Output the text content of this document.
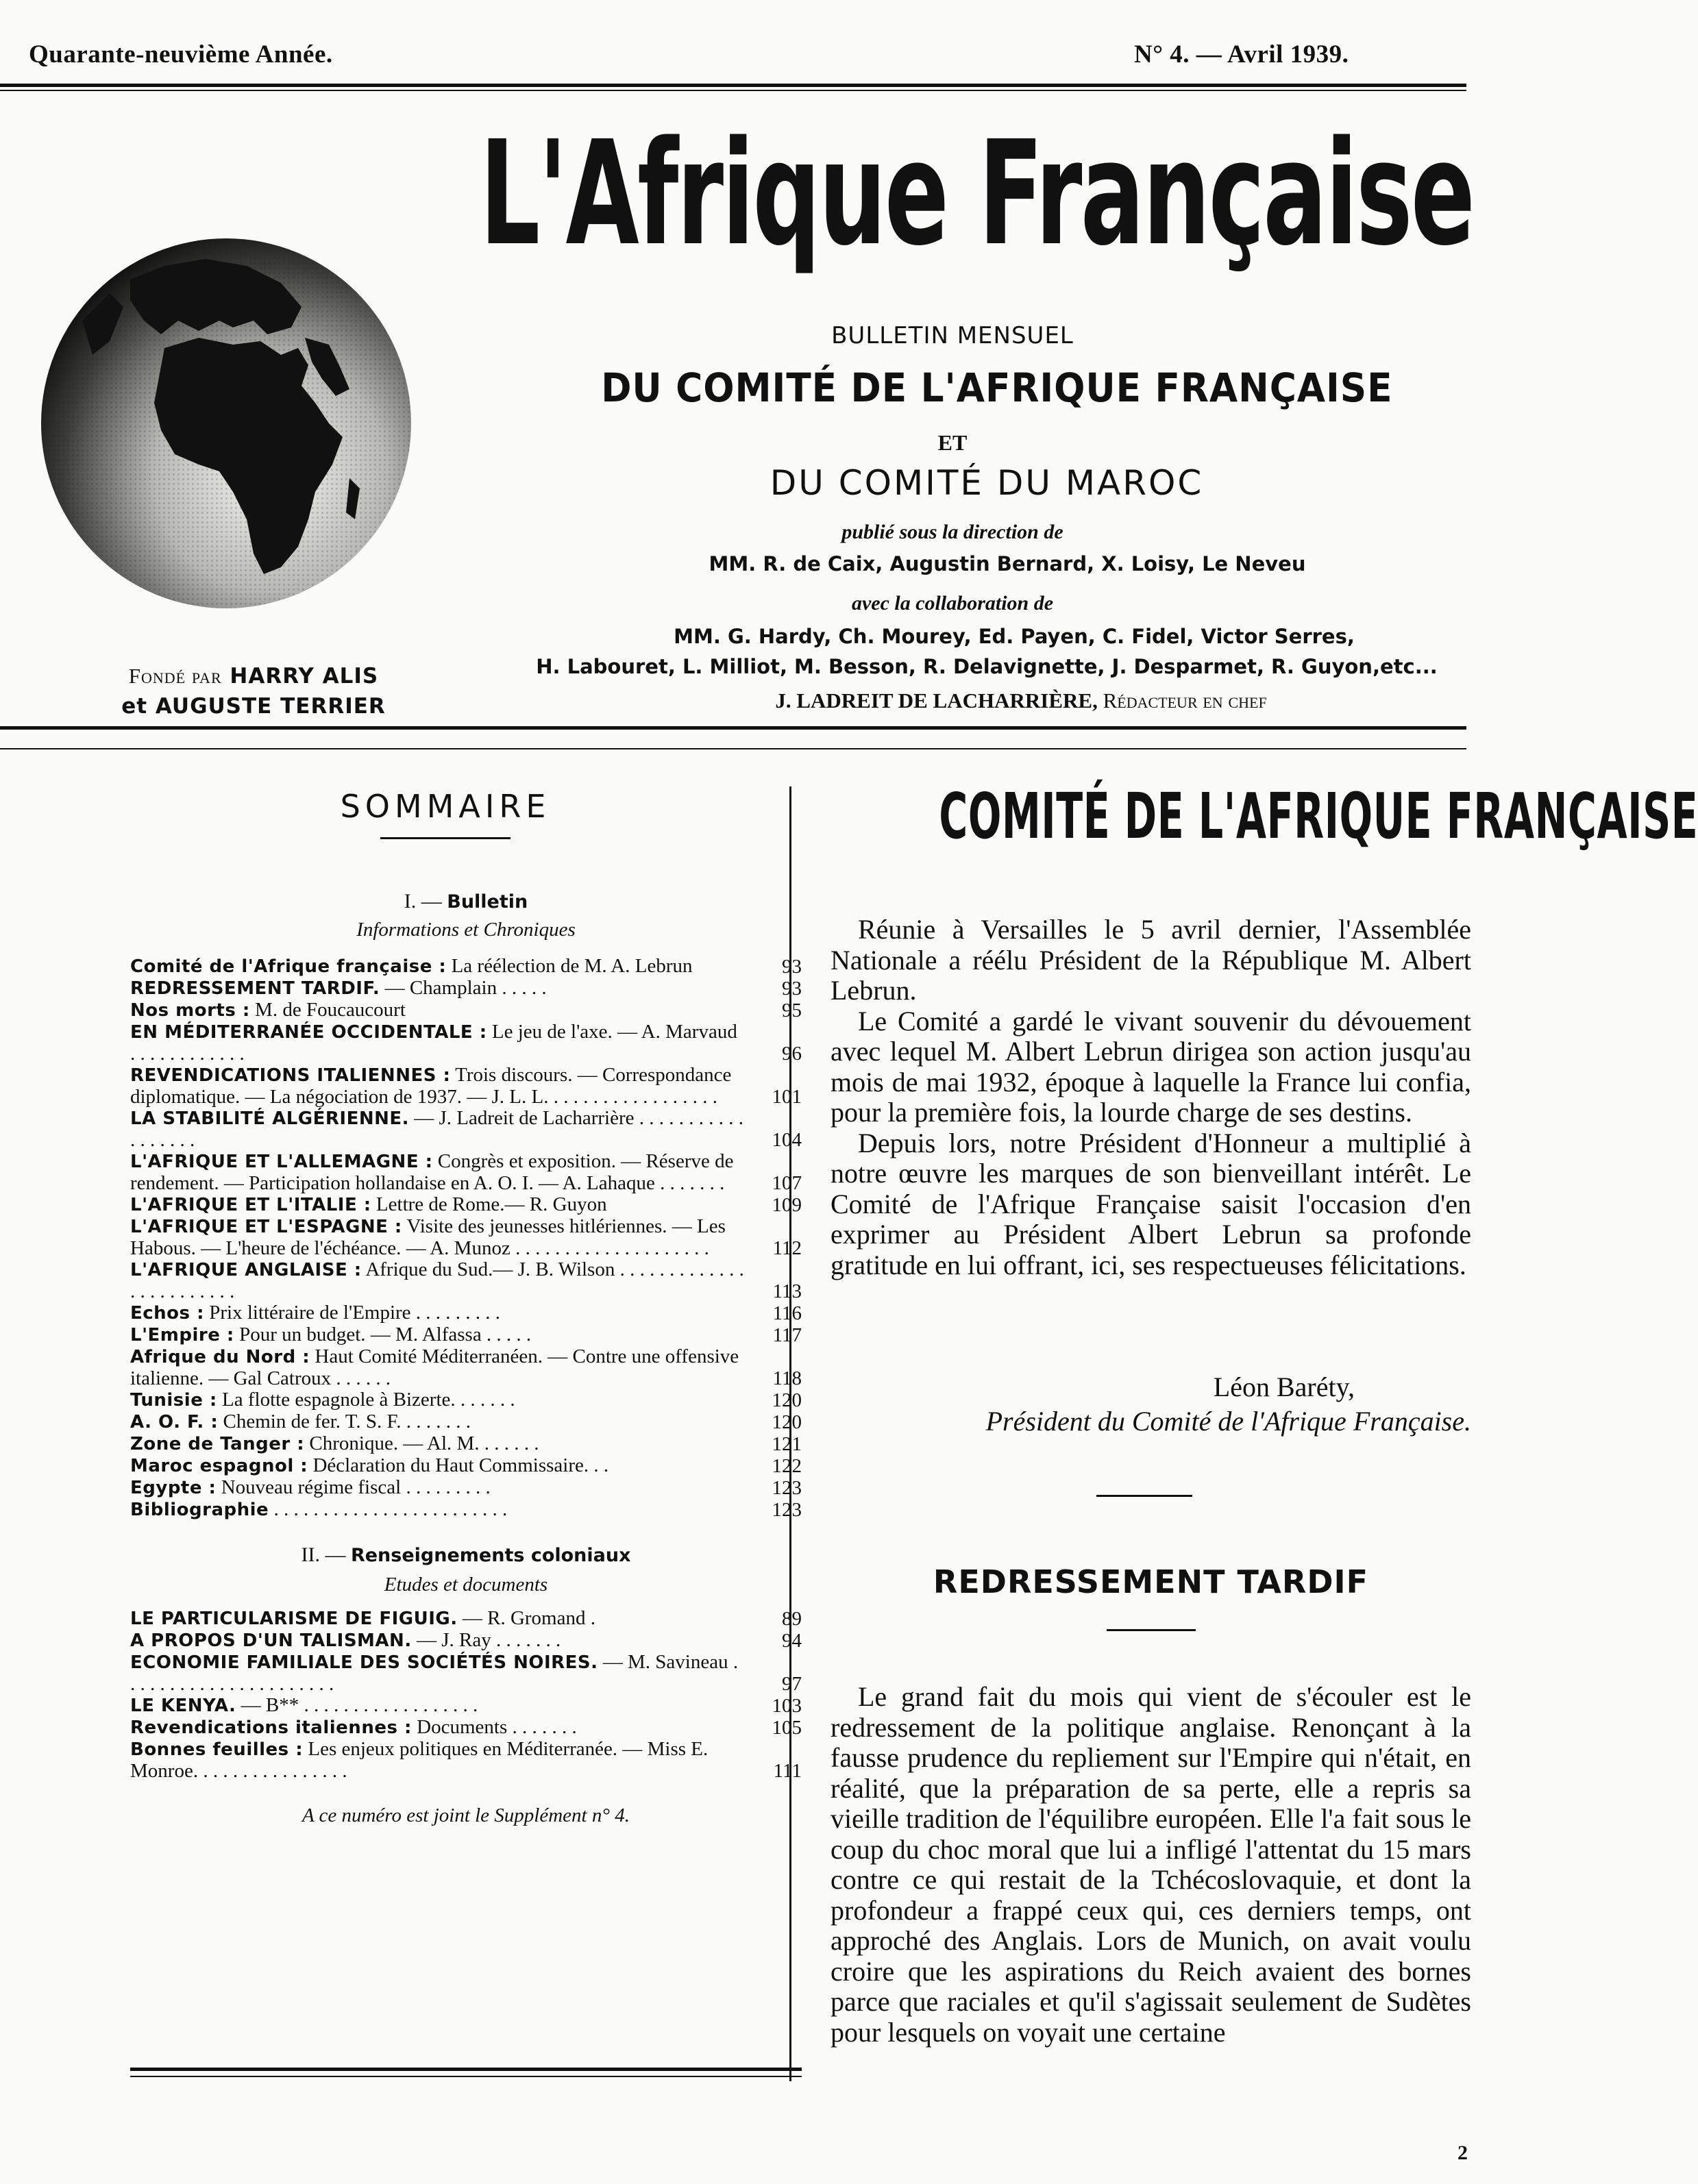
Quarante-neuvième Année.	N° 4. — Avril 1939.
L'Afrique Française
BULLETIN MENSUEL
DU COMITÉ DE L'AFRIQUE FRANÇAISE
ET
DU COMITÉ DU MAROC
publié sous la direction de
MM. R. de Caix, Augustin Bernard, X. Loisy, Le Neveu
avec la collaboration de
MM. G. Hardy, Ch. Mourey, Ed. Payen, C. Fidel, Victor Serres,
H. Labouret, L. Milliot, M. Besson, R. Delavignette, J. Desparmet, R. Guyon,etc...
J. LADREIT DE LACHARRIÈRE, Rédacteur en chef
Fondé par HARRY ALIS
et AUGUSTE TERRIER
SOMMAIRE
I. — Bulletin
Informations et Chroniques
Comité de l'Afrique française : La réélection de M. A. Lebrun	93
REDRESSEMENT TARDIF. — Champlain . . . . .	93
Nos morts : M. de Foucaucourt	95
EN MÉDITERRANÉE OCCIDENTALE : Le jeu de l'axe. — A. Marvaud . . . . . . . . . . . .	96
REVENDICATIONS ITALIENNES : Trois discours. — Correspondance diplomatique. — La négociation de 1937. — J. L. L. . . . . . . . . . . . . . . . . .	101
LA STABILITÉ ALGÉRIENNE. — J. Ladreit de Lacharrière . . . . . . . . . . . . . . . . . .	104
L'AFRIQUE ET L'ALLEMAGNE : Congrès et exposition. — Réserve de rendement. — Participation hollandaise en A. O. I. — A. Lahaque . . . . . . .	107
L'AFRIQUE ET L'ITALIE : Lettre de Rome.— R. Guyon	109
L'AFRIQUE ET L'ESPAGNE : Visite des jeunesses hitlériennes. — Les Habous. — L'heure de l'échéance. — A. Munoz . . . . . . . . . . . . . . . . . . . .	112
L'AFRIQUE ANGLAISE : Afrique du Sud.— J. B. Wilson . . . . . . . . . . . . . . . . . . . . . . . .	113
Echos : Prix littéraire de l'Empire . . . . . . . . .	116
L'Empire : Pour un budget. — M. Alfassa . . . . .	117
Afrique du Nord : Haut Comité Méditerranéen. — Contre une offensive italienne. — Gal Catroux . . . . . .	118
Tunisie : La flotte espagnole à Bizerte. . . . . . .	120
A. O. F. : Chemin de fer. T. S. F. . . . . . . .	120
Zone de Tanger : Chronique. — Al. M. . . . . . .	121
Maroc espagnol : Déclaration du Haut Commissaire. . .	122
Egypte : Nouveau régime fiscal . . . . . . . . .	123
Bibliographie . . . . . . . . . . . . . . . . . . . . . . . .	123
II. — Renseignements coloniaux
Etudes et documents
LE PARTICULARISME DE FIGUIG. — R. Gromand .	89
A PROPOS D'UN TALISMAN. — J. Ray . . . . . . .	94
ECONOMIE FAMILIALE DES SOCIÉTÉS NOIRES. — M. Savineau . . . . . . . . . . . . . . . . . . . . . .	97
LE KENYA. — B** . . . . . . . . . . . . . . . . . .	103
Revendications italiennes : Documents . . . . . . .	105
Bonnes feuilles : Les enjeux politiques en Méditerranée. — Miss E. Monroe. . . . . . . . . . . . . . . .	111
A ce numéro est joint le Supplément n° 4.
COMITÉ DE L'AFRIQUE FRANÇAISE

Réunie à Versailles le 5 avril dernier, l'Assemblée Nationale a réélu Président de la République M. Albert Lebrun.

Le Comité a gardé le vivant souvenir du dévouement avec lequel M. Albert Lebrun dirigea son action jusqu'au mois de mai 1932, époque à laquelle la France lui confia, pour la première fois, la lourde charge de ses destins.

Depuis lors, notre Président d'Honneur a multiplié à notre œuvre les marques de son bienveillant intérêt. Le Comité de l'Afrique Française saisit l'occasion d'en exprimer au Président Albert Lebrun sa profonde gratitude en lui offrant, ici, ses respectueuses félicitations.

Léon Baréty,
Président du Comité de l'Afrique Française.
REDRESSEMENT TARDIF

Le grand fait du mois qui vient de s'écouler est le redressement de la politique anglaise. Renonçant à la fausse prudence du repliement sur l'Empire qui n'était, en réalité, que la préparation de sa perte, elle a repris sa vieille tradition de l'équilibre européen. Elle l'a fait sous le coup du choc moral que lui a infligé l'attentat du 15 mars contre ce qui restait de la Tchécoslovaquie, et dont la profondeur a frappé ceux qui, ces derniers temps, ont approché des Anglais. Lors de Munich, on avait voulu croire que les aspirations du Reich avaient des bornes parce que raciales et qu'il s'agissait seulement de Sudètes pour lesquels on voyait une certaine

2
